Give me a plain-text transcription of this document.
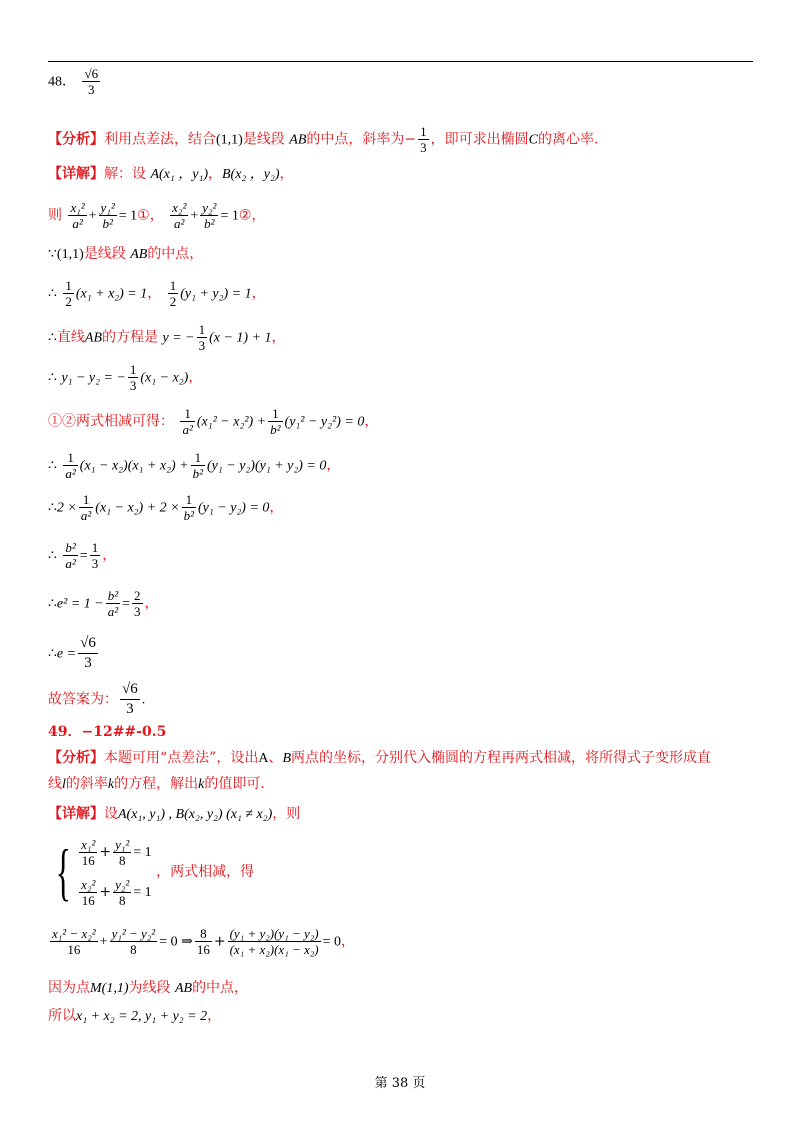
48． $\frac{√6}{3}$
【分析】利用点差法，结合(1,1)是线段 AB的中点，斜率为− $\frac{1}{3}$ ，即可求出椭圆C的离心率.
【详解】解：设 A(x₁ ，y₁)，B(x₂ ，y₂)，
则 $\frac{\text{x₁²}}{\text{a²}} + \frac{\text{y₁²}}{\text{b²}}$ = 1①， $\frac{\text{x₂²}}{\text{a²}} + \frac{\text{y₂²}}{\text{b²}}$ = 1②，
∵(1,1)是线段 AB的中点，
∴ $\frac{1}{2} (x_1 + x_2) = 1$， $\frac{1}{2} (y_1 + y_2) = 1$，
∴直线AB的方程是 y = − $\frac{1}{3} (x - 1) + 1$，
∴ y₁ − y₂ = − $\frac{1}{3} (x_1 - x_2)$，
①②两式相减可得： $\frac{1}{\text{a²}} (x_1^2 - x_2^2) + \frac{1}{\text{b²}} (y_1^2 - y_2^2) = 0$，
∴ $\frac{1}{\text{a²}} (x_1 - x_2)(x_1 + x_2) + \frac{1}{\text{b²}} (y_1 - y_2)(y_1 + y_2) = 0$，
∴2 × $\frac{1}{\text{a²}} (x_1 - x_2) + 2 \times \frac{1}{\text{b²}} (y_1 - y_2) = 0$，
∴ $\frac{\text{b²}}{\text{a²}} = \frac{1}{3}$ ，
∴e² = $1 - \frac{\text{b²}}{\text{a²}} = \frac{2}{3}$ ，
∴e = $\frac{√6}{3}$
故答案为： $\frac{√6}{3}$ .
49．−12##-0.5
【分析】本题可用“点差法”，设出A、B两点的坐标，分别代入椭圆的方程再两式相减，将所得式子变形成直
线l的斜率k的方程，解出k的值即可.
【详解】设A(x₁, y₁) , B(x₂, y₂) (x₁ ≠ x₂)，则
{ $\frac{\text{x₁²}}{16} + \frac{\text{y₁²}}{8} = 1$
$\frac{\text{x₂²}}{16} + \frac{\text{y₂²}}{8} = 1$
，两式相减，得
$\frac{\text{x₁² − x₂²}}{16} + \frac{\text{y₁² − y₂²}}{8} = 0$ ⇒ $\frac{8}{16} + \frac{\text{(y₁ + y₂)(y₁ − y₂)}}{\text{(x₁ + x₂)(x₁ − x₂)}} = 0$，
因为点M(1,1)为线段 AB的中点，
所以x₁ + x₂ = 2, y₁ + y₂ = 2，
第 38 页
